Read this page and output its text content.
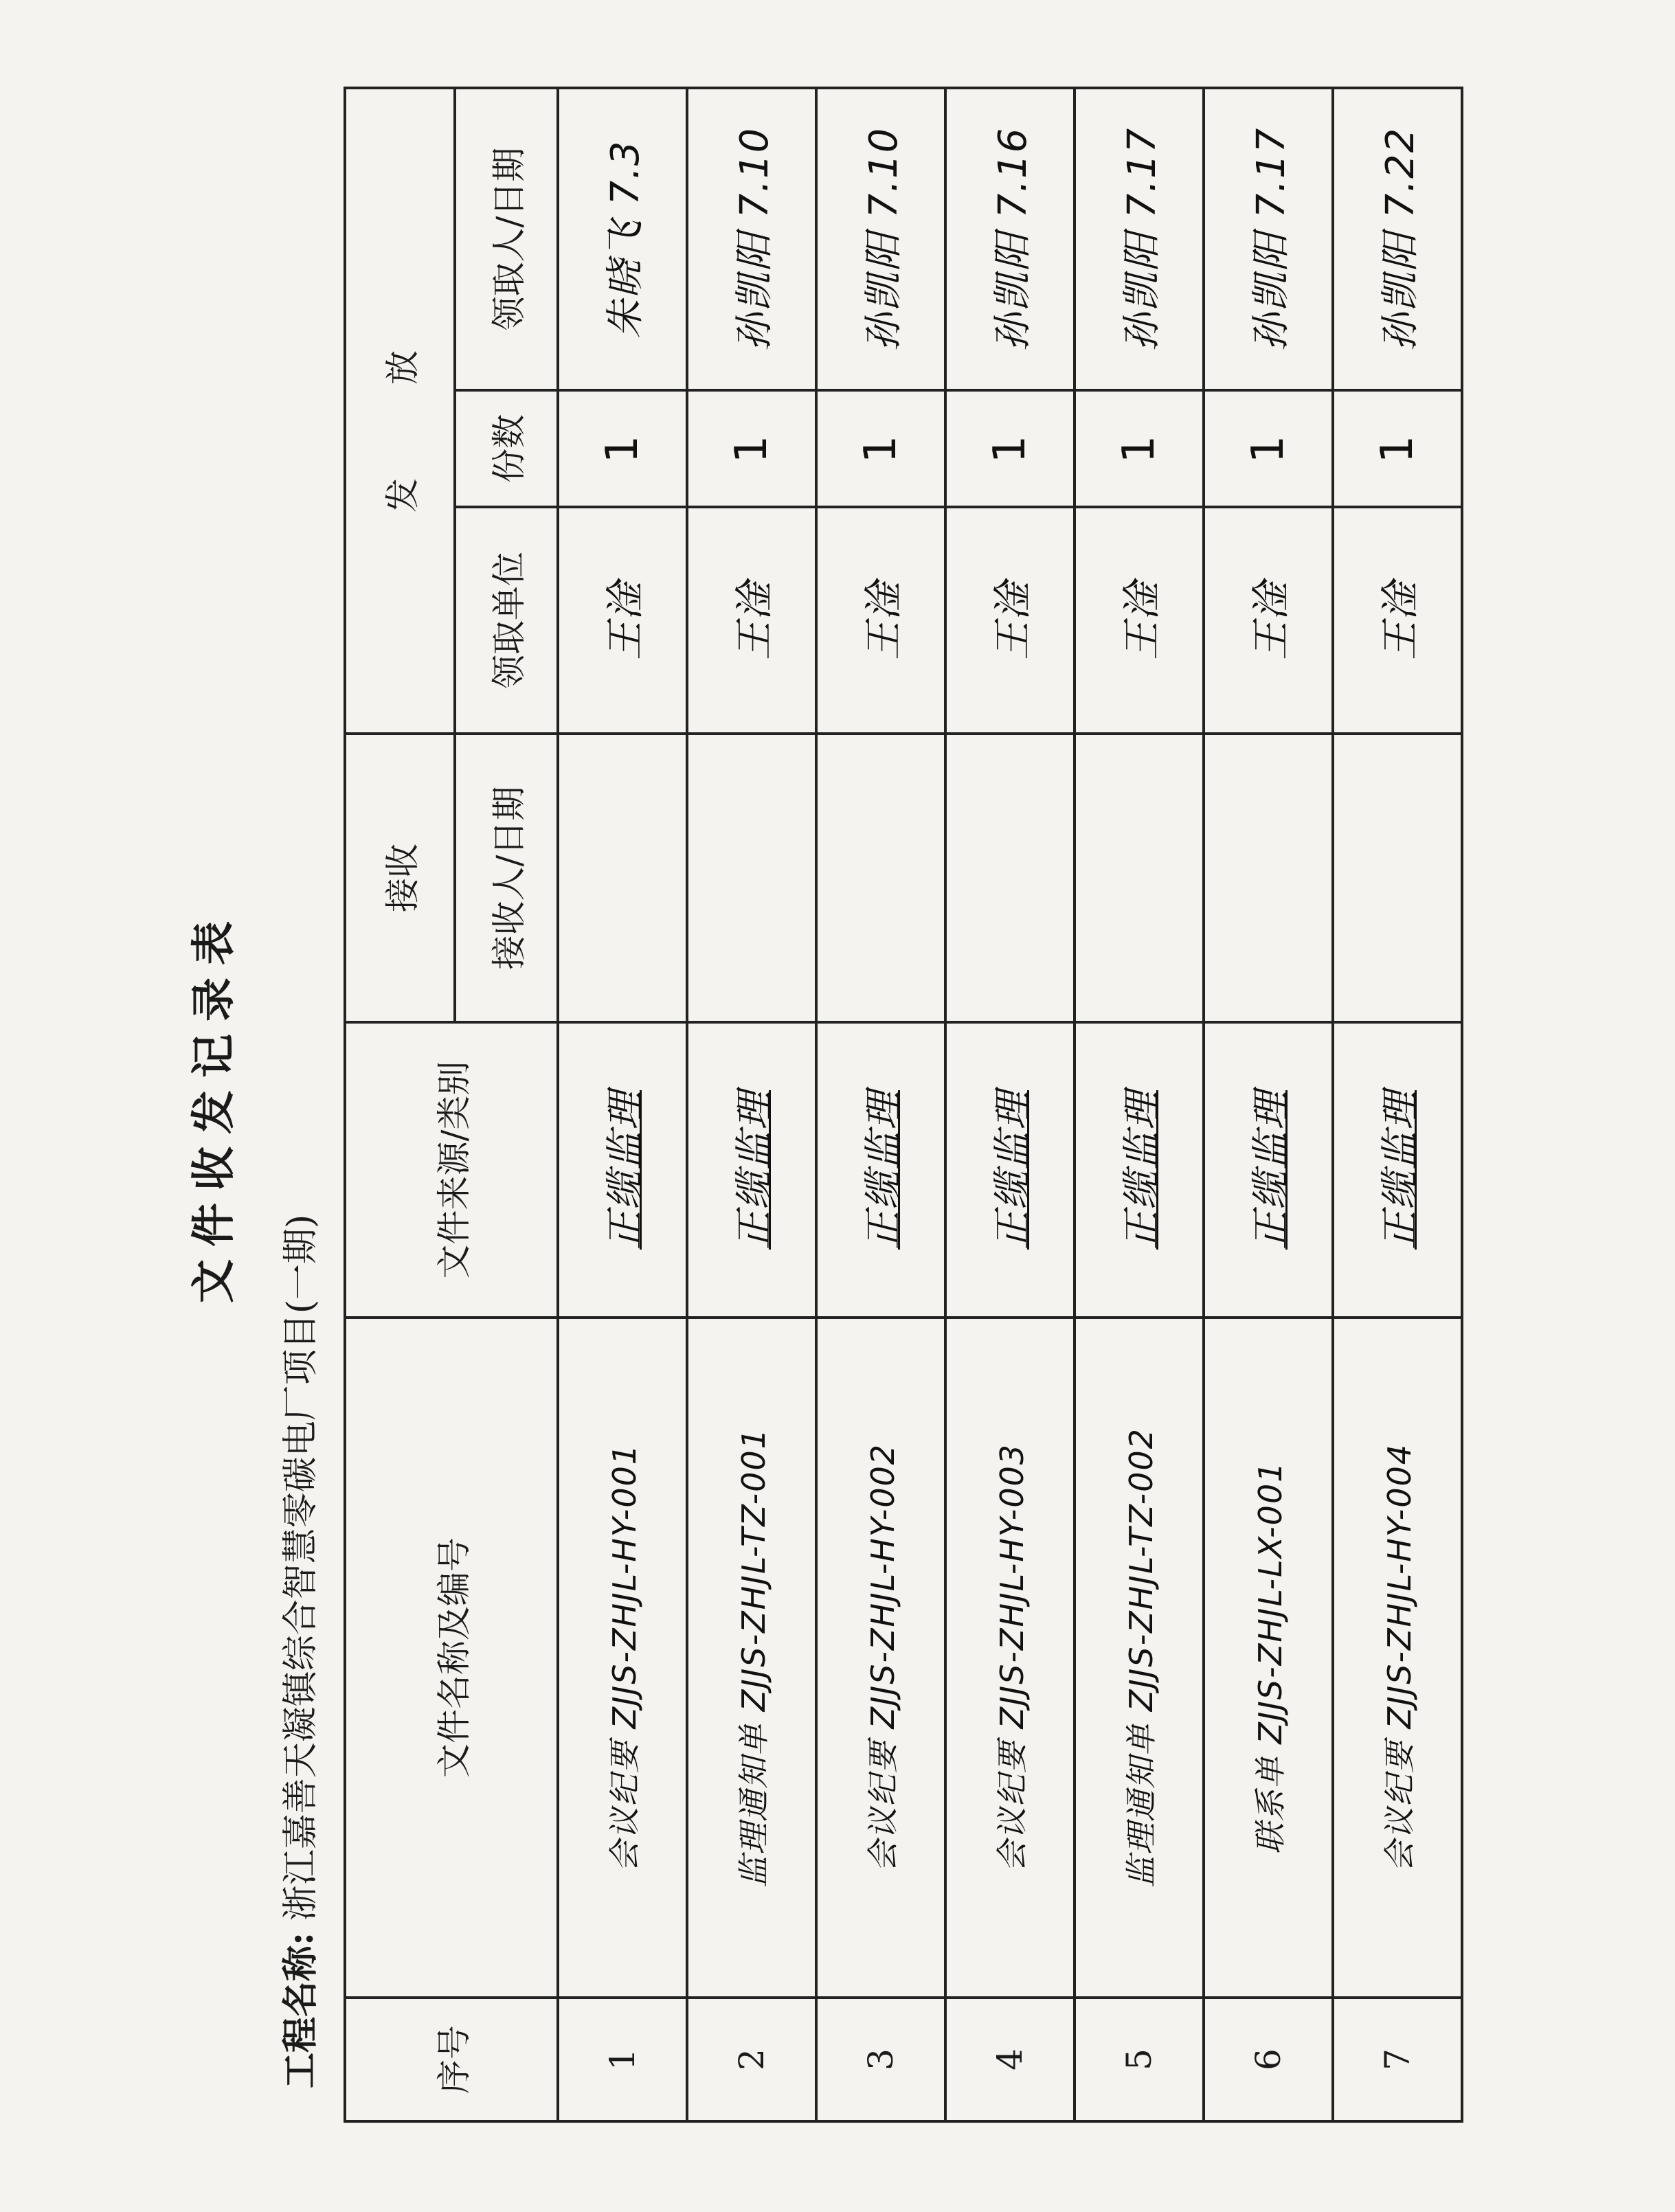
文件收发记录表
工程名称: 浙江嘉善天凝镇综合智慧零碳电厂项目(一期)
序号	文件名称及编号	文件来源/类别	接收	发 放		
			接收人/日期	领取单位	份数	领取人/日期
1	会议纪要 ZJJS-ZHJL-HY-001	正缆监理		王淦	1	朱晓飞 7.3
2	监理通知单 ZJJS-ZHJL-TZ-001	正缆监理		王淦	1	孙凯阳 7.10
3	会议纪要 ZJJS-ZHJL-HY-002	正缆监理		王淦	1	孙凯阳 7.10
4	会议纪要 ZJJS-ZHJL-HY-003	正缆监理		王淦	1	孙凯阳 7.16
5	监理通知单 ZJJS-ZHJL-TZ-002	正缆监理		王淦	1	孙凯阳 7.17
6	联系单 ZJJS-ZHJL-LX-001	正缆监理		王淦	1	孙凯阳 7.17
7	会议纪要 ZJJS-ZHJL-HY-004	正缆监理		王淦	1	孙凯阳 7.22
